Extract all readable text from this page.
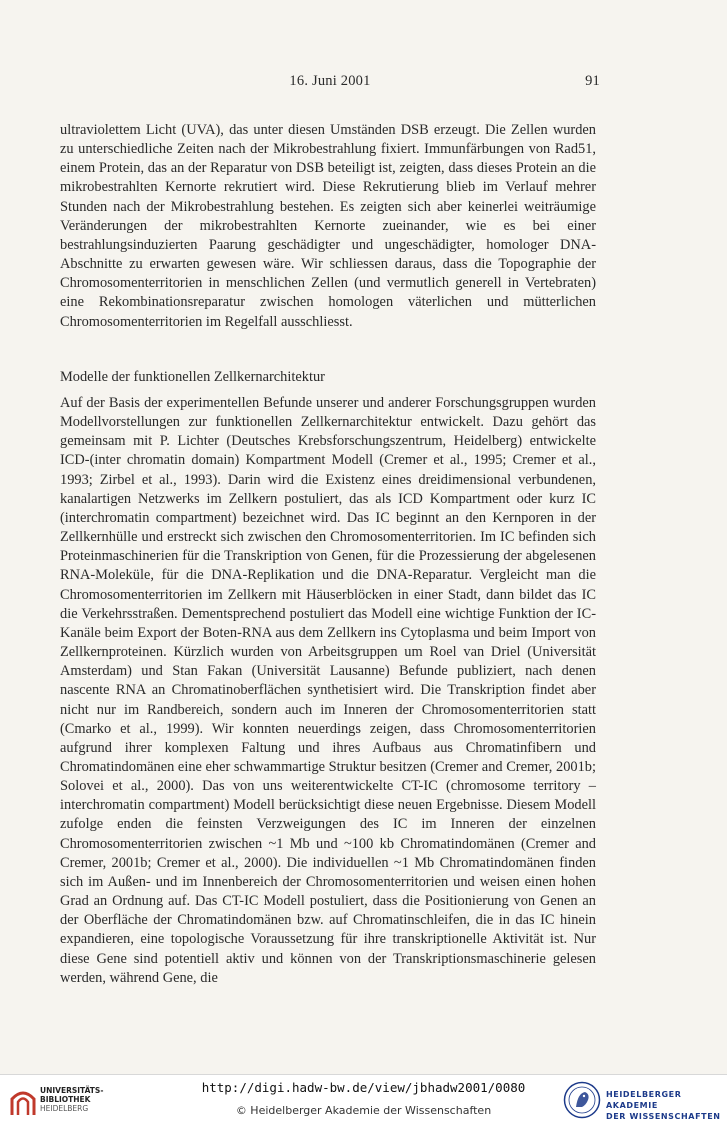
16. Juni 2001	91

ultraviolettem Licht (UVA), das unter diesen Umständen DSB erzeugt. Die Zellen wurden zu unterschiedliche Zeiten nach der Mikrobestrahlung fixiert. Immunfärbungen von Rad51, einem Protein, das an der Reparatur von DSB beteiligt ist, zeigten, dass dieses Protein an die mikrobestrahlten Kernorte rekrutiert wird. Diese Rekrutierung blieb im Verlauf mehrer Stunden nach der Mikrobestrahlung bestehen. Es zeigten sich aber keinerlei weiträumige Veränderungen der mikrobestrahlten Kernorte zueinander, wie es bei einer bestrahlungsinduzierten Paarung geschädigter und ungeschädigter, homologer DNA-Abschnitte zu erwarten gewesen wäre. Wir schliessen daraus, dass die Topographie der Chromosomenterritorien in menschlichen Zellen (und vermutlich generell in Vertebraten) eine Rekombinationsreparatur zwischen homologen väterlichen und mütterlichen Chromosomenterritorien im Regelfall ausschliesst.

Modelle der funktionellen Zellkernarchitektur

Auf der Basis der experimentellen Befunde unserer und anderer Forschungsgruppen wurden Modellvorstellungen zur funktionellen Zellkernarchitektur entwickelt. Dazu gehört das gemeinsam mit P. Lichter (Deutsches Krebsforschungszentrum, Heidelberg) entwickelte ICD-(inter chromatin domain) Kompartment Modell (Cremer et al., 1995; Cremer et al., 1993; Zirbel et al., 1993). Darin wird die Existenz eines dreidimensional verbundenen, kanalartigen Netzwerks im Zellkern postuliert, das als ICD Kompartment oder kurz IC (interchromatin compartment) bezeichnet wird. Das IC beginnt an den Kernporen in der Zellkernhülle und erstreckt sich zwischen den Chromosomenterritorien. Im IC befinden sich Proteinmaschinerien für die Transkription von Genen, für die Prozessierung der abgelesenen RNA-Moleküle, für die DNA-Replikation und die DNA-Reparatur. Vergleicht man die Chromosomenterritorien im Zellkern mit Häuserblöcken in einer Stadt, dann bildet das IC die Verkehrsstraßen. Dementsprechend postuliert das Modell eine wichtige Funktion der IC-Kanäle beim Export der Boten-RNA aus dem Zellkern ins Cytoplasma und beim Import von Zellkernproteinen. Kürzlich wurden von Arbeitsgruppen um Roel van Driel (Universität Amsterdam) und Stan Fakan (Universität Lausanne) Befunde publiziert, nach denen nascente RNA an Chromatinoberflächen synthetisiert wird. Die Transkription findet aber nicht nur im Randbereich, sondern auch im Inneren der Chromosomenterritorien statt (Cmarko et al., 1999). Wir konnten neuerdings zeigen, dass Chromosomenterritorien aufgrund ihrer komplexen Faltung und ihres Aufbaus aus Chromatinfibern und Chromatindomänen eine eher schwammartige Struktur besitzen (Cremer and Cremer, 2001b; Solovei et al., 2000). Das von uns weiterentwickelte CT-IC (chromosome territory – interchromatin compartment) Modell berücksichtigt diese neuen Ergebnisse. Diesem Modell zufolge enden die feinsten Verzweigungen des IC im Inneren der einzelnen Chromosomenterritorien zwischen ~1 Mb und ~100 kb Chromatindomänen (Cremer and Cremer, 2001b; Cremer et al., 2000). Die individuellen ~1 Mb Chromatindomänen finden sich im Außen- und im Innenbereich der Chromosomenterritorien und weisen einen hohen Grad an Ordnung auf. Das CT-IC Modell postuliert, dass die Positionierung von Genen an der Oberfläche der Chromatindomänen bzw. auf Chromatinschleifen, die in das IC hinein expandieren, eine topologische Voraussetzung für ihre transkriptionelle Aktivität ist. Nur diese Gene sind potentiell aktiv und können von der Transkriptionsmaschinerie gelesen werden, während Gene, die

UNIVERSITÄTS-
BIBLIOTHEK
HEIDELBERG
http://digi.hadw-bw.de/view/jbhadw2001/0080
© Heidelberger Akademie der Wissenschaften
HEIDELBERGER AKADEMIE
DER WISSENSCHAFTEN
